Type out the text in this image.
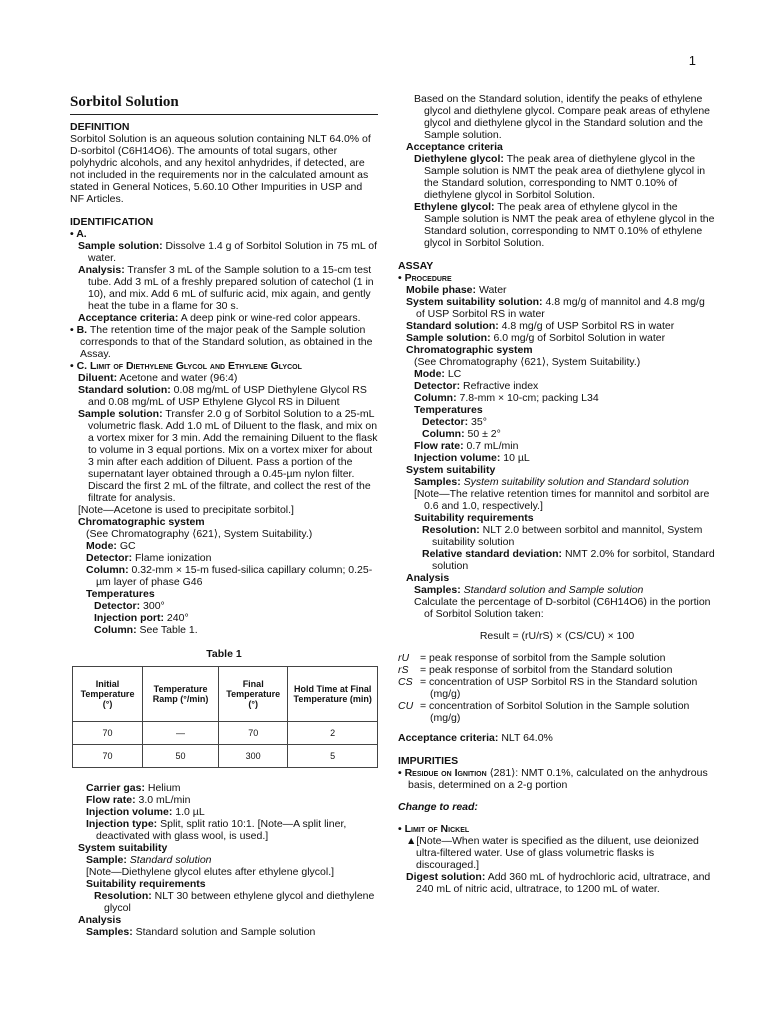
1
Sorbitol Solution
DEFINITION

Sorbitol Solution is an aqueous solution containing NLT 64.0% of D-sorbitol (C6H14O6). The amounts of total sugars, other polyhydric alcohols, and any hexitol anhydrides, if detected, are not included in the requirements nor in the calculated amount as stated in General Notices, 5.60.10 Other Impurities in USP and NF Articles.

IDENTIFICATION

• A.

Sample solution: Dissolve 1.4 g of Sorbitol Solution in 75 mL of water.

Analysis: Transfer 3 mL of the Sample solution to a 15-cm test tube. Add 3 mL of a freshly prepared solution of catechol (1 in 10), and mix. Add 6 mL of sulfuric acid, mix again, and gently heat the tube in a flame for 30 s.

Acceptance criteria: A deep pink or wine-red color appears.

• B. The retention time of the major peak of the Sample solution corresponds to that of the Standard solution, as obtained in the Assay.

• C. Limit of Diethylene Glycol and Ethylene Glycol

Diluent: Acetone and water (96:4)

Standard solution: 0.08 mg/mL of USP Diethylene Glycol RS and 0.08 mg/mL of USP Ethylene Glycol RS in Diluent

Sample solution: Transfer 2.0 g of Sorbitol Solution to a 25-mL volumetric flask. Add 1.0 mL of Diluent to the flask, and mix on a vortex mixer for 3 min. Add the remaining Diluent to the flask to volume in 3 equal portions. Mix on a vortex mixer for about 3 min after each addition of Diluent. Pass a portion of the supernatant layer obtained through a 0.45-µm nylon filter. Discard the first 2 mL of the filtrate, and collect the rest of the filtrate for analysis.

[Note—Acetone is used to precipitate sorbitol.]

Chromatographic system

(See Chromatography ⟨621⟩, System Suitability.)

Mode: GC

Detector: Flame ionization

Column: 0.32-mm × 15-m fused-silica capillary column; 0.25-µm layer of phase G46

Temperatures

Detector: 300°

Injection port: 240°

Column: See Table 1.

Table 1
Initial Temperature (°)	Temperature Ramp (°/min)	Final Temperature (°)	Hold Time at Final Temperature (min)
70	—	70	2
70	50	300	5

Carrier gas: Helium

Flow rate: 3.0 mL/min

Injection volume: 1.0 µL

Injection type: Split, split ratio 10:1. [Note—A split liner, deactivated with glass wool, is used.]

System suitability

Sample: Standard solution

[Note—Diethylene glycol elutes after ethylene glycol.]

Suitability requirements

Resolution: NLT 30 between ethylene glycol and diethylene glycol

Analysis

Samples: Standard solution and Sample solution

Based on the Standard solution, identify the peaks of ethylene glycol and diethylene glycol. Compare peak areas of ethylene glycol and diethylene glycol in the Standard solution and the Sample solution.

Acceptance criteria

Diethylene glycol: The peak area of diethylene glycol in the Sample solution is NMT the peak area of diethylene glycol in the Standard solution, corresponding to NMT 0.10% of diethylene glycol in Sorbitol Solution.

Ethylene glycol: The peak area of ethylene glycol in the Sample solution is NMT the peak area of ethylene glycol in the Standard solution, corresponding to NMT 0.10% of ethylene glycol in Sorbitol Solution.

ASSAY

• Procedure

Mobile phase: Water

System suitability solution: 4.8 mg/g of mannitol and 4.8 mg/g of USP Sorbitol RS in water

Standard solution: 4.8 mg/g of USP Sorbitol RS in water

Sample solution: 6.0 mg/g of Sorbitol Solution in water

Chromatographic system

(See Chromatography ⟨621⟩, System Suitability.)

Mode: LC

Detector: Refractive index

Column: 7.8-mm × 10-cm; packing L34

Temperatures

Detector: 35°

Column: 50 ± 2°

Flow rate: 0.7 mL/min

Injection volume: 10 µL

System suitability

Samples: System suitability solution and Standard solution

[Note—The relative retention times for mannitol and sorbitol are 0.6 and 1.0, respectively.]

Suitability requirements

Resolution: NLT 2.0 between sorbitol and mannitol, System suitability solution

Relative standard deviation: NMT 2.0% for sorbitol, Standard solution

Analysis

Samples: Standard solution and Sample solution

Calculate the percentage of D-sorbitol (C6H14O6) in the portion of Sorbitol Solution taken:

Result = (rU/rS) × (CS/CU) × 100
rU	= peak response of sorbitol from the Sample solution
rS	= peak response of sorbitol from the Standard solution
CS = concentration of USP Sorbitol RS in the Standard solution (mg/g)
CU = concentration of Sorbitol Solution in the Sample solution (mg/g)

Acceptance criteria: NLT 64.0%

IMPURITIES

• Residue on Ignition ⟨281⟩: NMT 0.1%, calculated on the anhydrous basis, determined on a 2-g portion

Change to read:

• Limit of Nickel

▲[Note—When water is specified as the diluent, use deionized ultra-filtered water. Use of glass volumetric flasks is discouraged.]

Digest solution: Add 360 mL of hydrochloric acid, ultratrace, and 240 mL of nitric acid, ultratrace, to 1200 mL of water.
